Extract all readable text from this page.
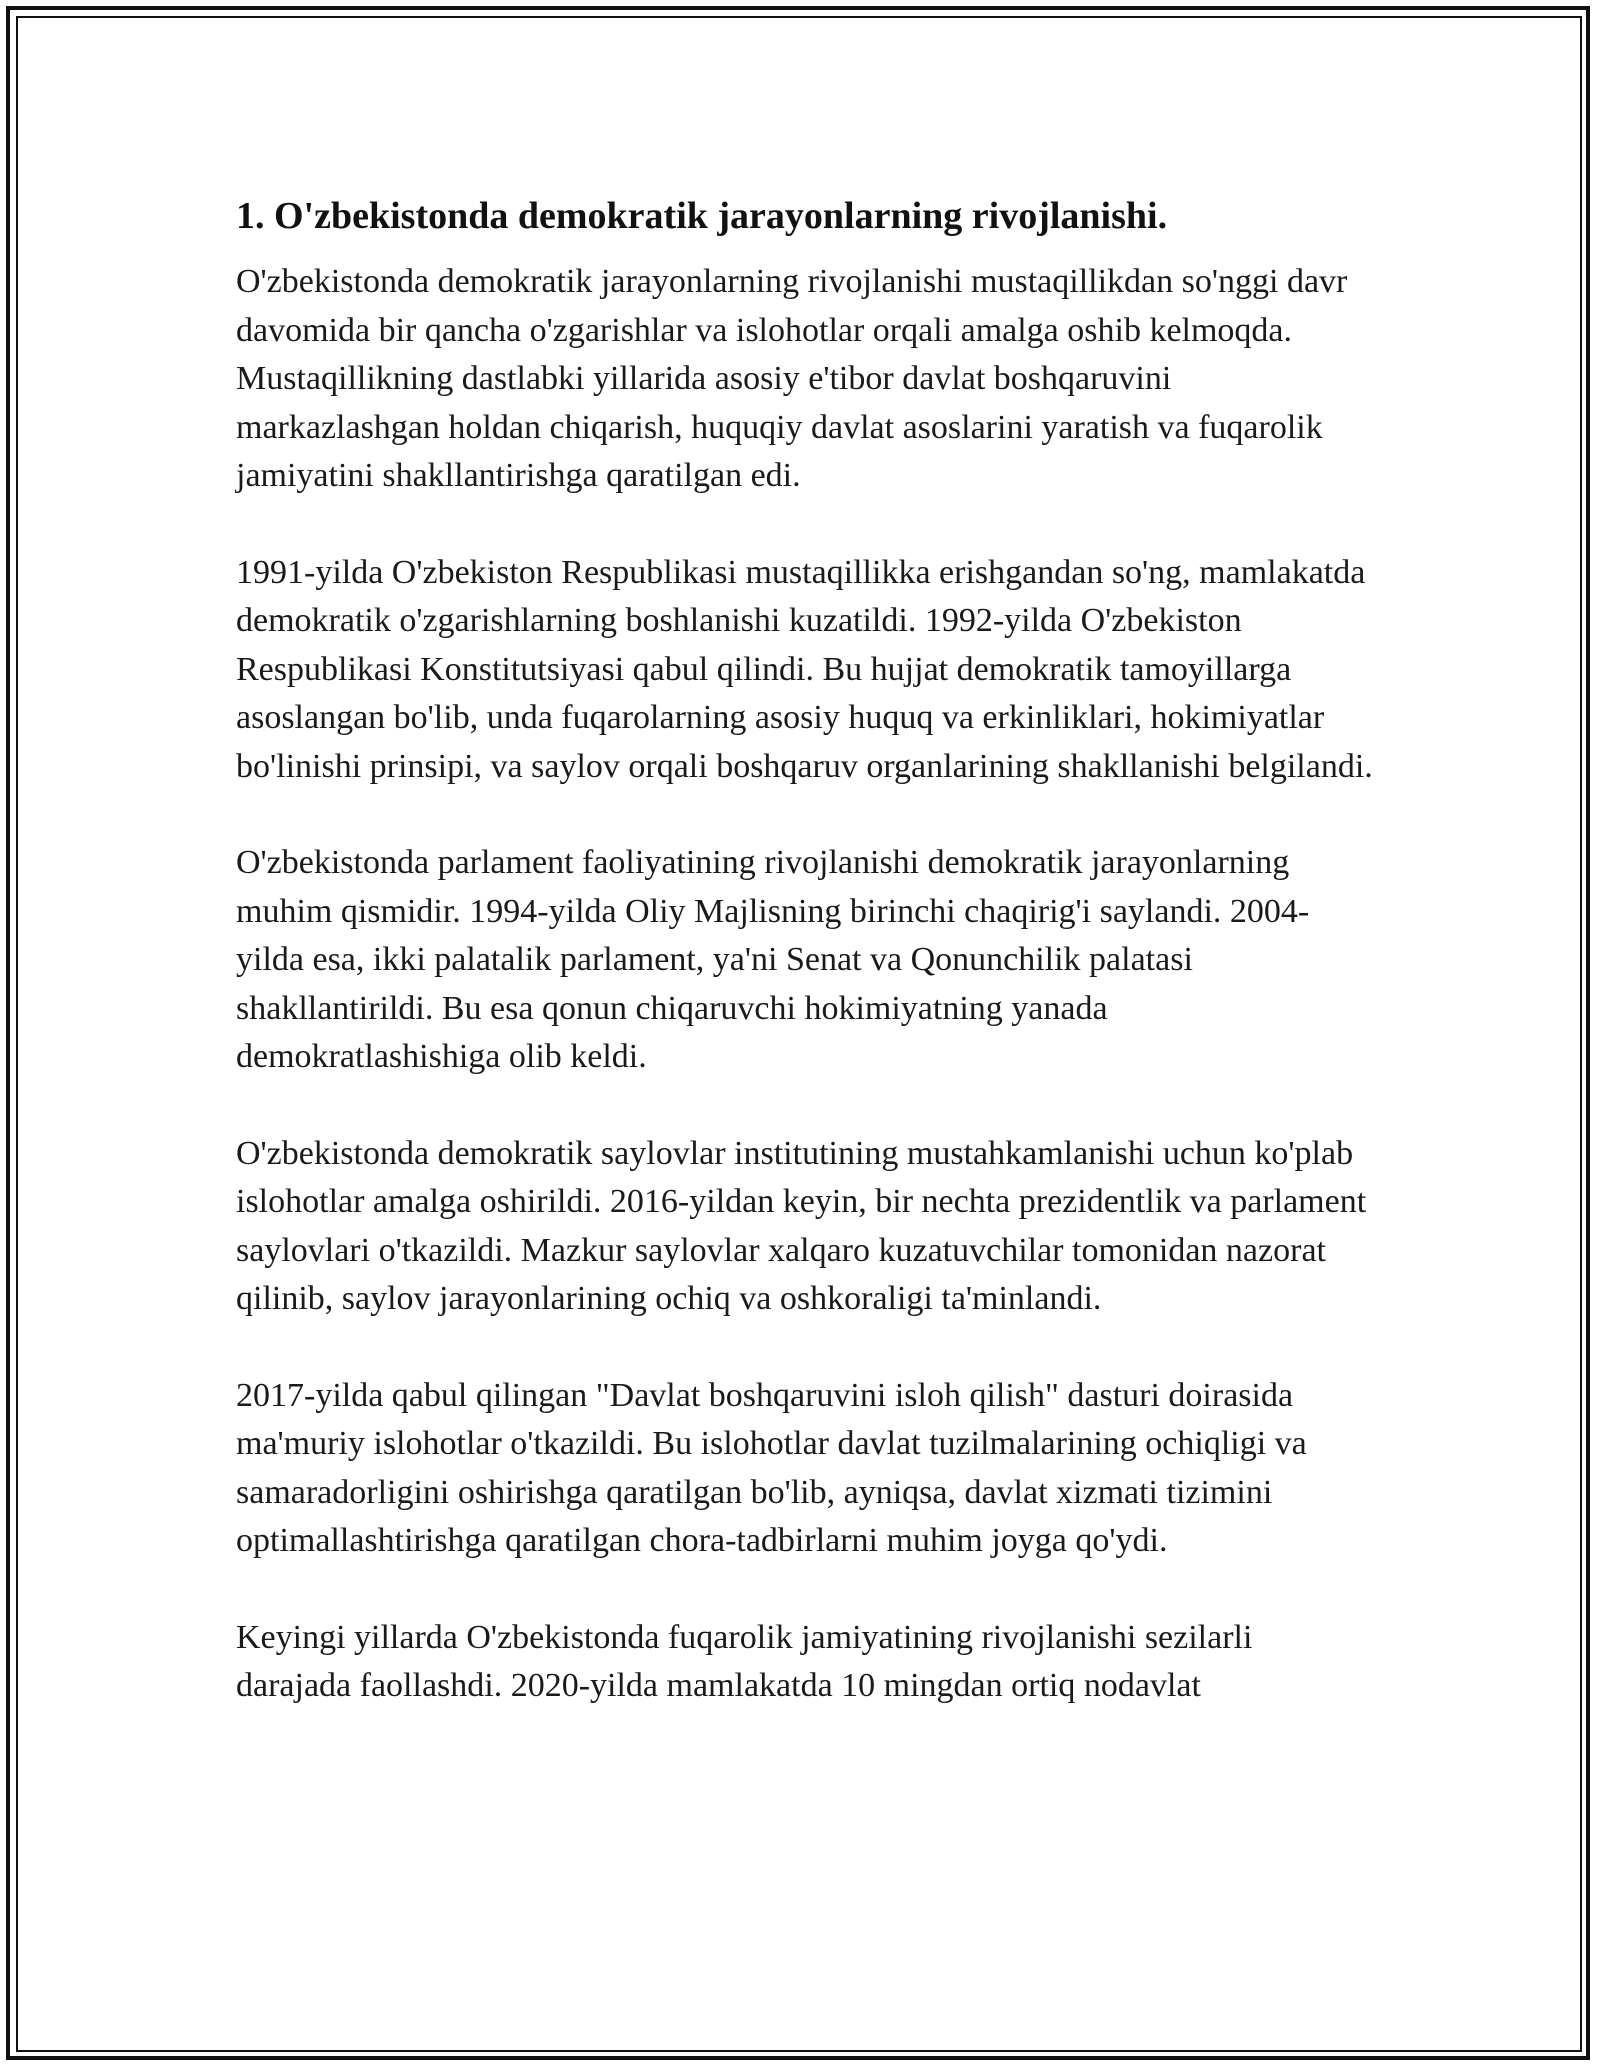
1. O'zbekistonda demokratik jarayonlarning rivojlanishi.

O'zbekistonda demokratik jarayonlarning rivojlanishi mustaqillikdan so'nggi davr davomida bir qancha o'zgarishlar va islohotlar orqali amalga oshib kelmoqda. Mustaqillikning dastlabki yillarida asosiy e'tibor davlat boshqaruvini markazlashgan holdan chiqarish, huquqiy davlat asoslarini yaratish va fuqarolik jamiyatini shakllantirishga qaratilgan edi.

1991-yilda O'zbekiston Respublikasi mustaqillikka erishgandan so'ng, mamlakatda demokratik o'zgarishlarning boshlanishi kuzatildi. 1992-yilda O'zbekiston Respublikasi Konstitutsiyasi qabul qilindi. Bu hujjat demokratik tamoyillarga asoslangan bo'lib, unda fuqarolarning asosiy huquq va erkinliklari, hokimiyatlar bo'linishi prinsipi, va saylov orqali boshqaruv organlarining shakllanishi belgilandi.

O'zbekistonda parlament faoliyatining rivojlanishi demokratik jarayonlarning muhim qismidir. 1994-yilda Oliy Majlisning birinchi chaqirig'i saylandi. 2004-yilda esa, ikki palatalik parlament, ya'ni Senat va Qonunchilik palatasi shakllantirildi. Bu esa qonun chiqaruvchi hokimiyatning yanada demokratlashishiga olib keldi.

O'zbekistonda demokratik saylovlar institutining mustahkamlanishi uchun ko'plab islohotlar amalga oshirildi. 2016-yildan keyin, bir nechta prezidentlik va parlament saylovlari o'tkazildi. Mazkur saylovlar xalqaro kuzatuvchilar tomonidan nazorat qilinib, saylov jarayonlarining ochiq va oshkoraligi ta'minlandi.

2017-yilda qabul qilingan "Davlat boshqaruvini isloh qilish" dasturi doirasida ma'muriy islohotlar o'tkazildi. Bu islohotlar davlat tuzilmalarining ochiqligi va samaradorligini oshirishga qaratilgan bo'lib, ayniqsa, davlat xizmati tizimini optimallashtirishga qaratilgan chora-tadbirlarni muhim joyga qo'ydi.

Keyingi yillarda O'zbekistonda fuqarolik jamiyatining rivojlanishi sezilarli darajada faollashdi. 2020-yilda mamlakatda 10 mingdan ortiq nodavlat
